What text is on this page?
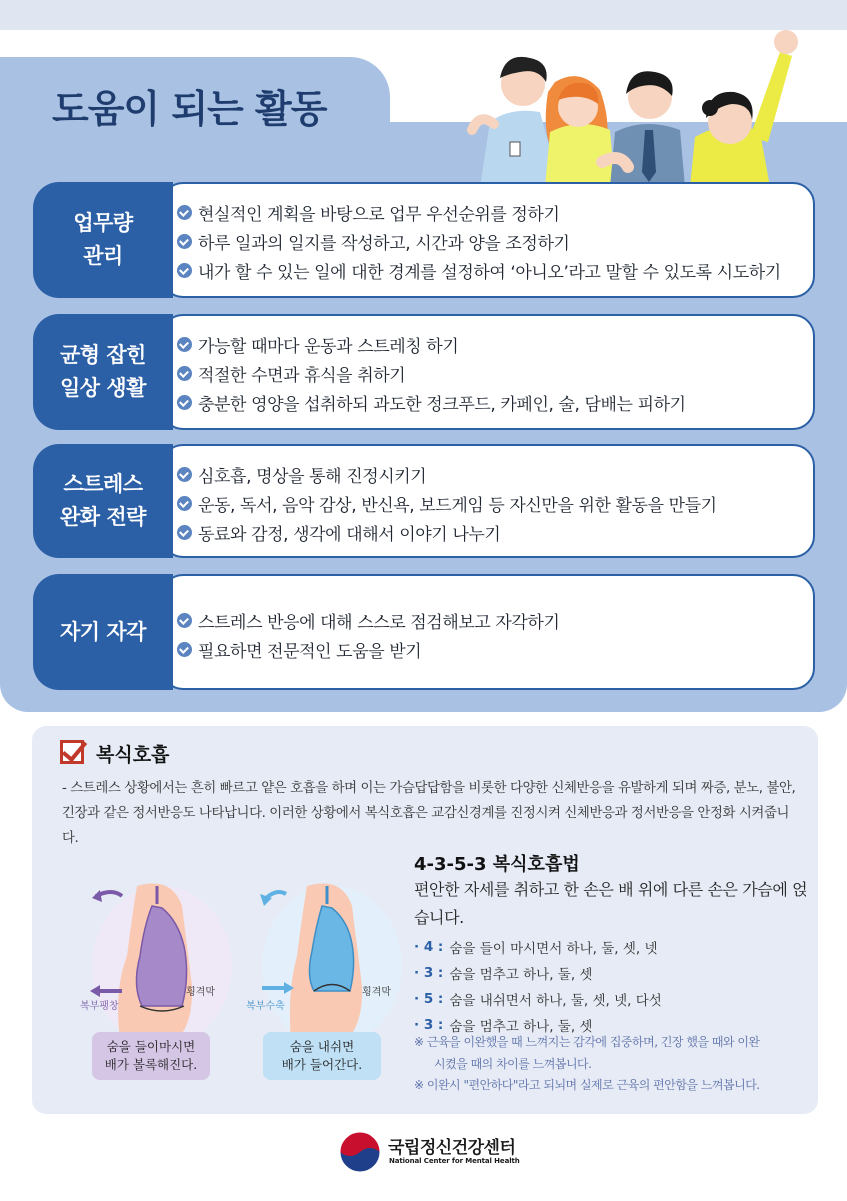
도움이 되는 활동
현실적인 계획을 바탕으로 업무 우선순위를 정하기
하루 일과의 일지를 작성하고, 시간과 양을 조정하기
내가 할 수 있는 일에 대한 경계를 설정하여 ‘아니오’라고 말할 수 있도록 시도하기
업무량
관리
가능할 때마다 운동과 스트레칭 하기
적절한 수면과 휴식을 취하기
충분한 영양을 섭취하되 과도한 정크푸드, 카페인, 술, 담배는 피하기
균형 잡힌
일상 생활
심호흡, 명상을 통해 진정시키기
운동, 독서, 음악 감상, 반신욕, 보드게임 등 자신만을 위한 활동을 만들기
동료와 감정, 생각에 대해서 이야기 나누기
스트레스
완화 전략
스트레스 반응에 대해 스스로 점검해보고 자각하기
필요하면 전문적인 도움을 받기
자기 자각
복식호흡

- 스트레스 상황에서는 흔히 빠르고 얕은 호흡을 하며 이는 가슴답답함을 비롯한 다양한 신체반응을 유발하게 되며 짜증, 분노, 불안, 긴장과 같은 정서반응도 나타납니다. 이러한 상황에서 복식호흡은 교감신경계를 진정시켜 신체반응과 정서반응을 안정화 시켜줍니다.

횡격막
복부팽창
숨을 들이마시면
배가 볼록해진다.
횡격막
복부수축
숨을 내쉬면
배가 들어간다.
4-3-5-3 복식호흡법

편안한 자세를 취하고 한 손은 배 위에 다른 손은 가슴에 얹습니다.

· 4 : 숨을 들이 마시면서 하나, 둘, 셋, 넷
· 3 : 숨을 멈추고 하나, 둘, 셋
· 5 : 숨을 내쉬면서 하나, 둘, 셋, 넷, 다섯
· 3 : 숨을 멈추고 하나, 둘, 셋
※ 근육을 이완했을 때 느껴지는 감각에 집중하며, 긴장 했을 때와 이완
시켰을 때의 차이를 느껴봅니다.
※ 이완시 "편안하다"라고 되뇌며 실제로 근육의 편안함을 느껴봅니다.
국립정신건강센터
National Center for Mental Health
